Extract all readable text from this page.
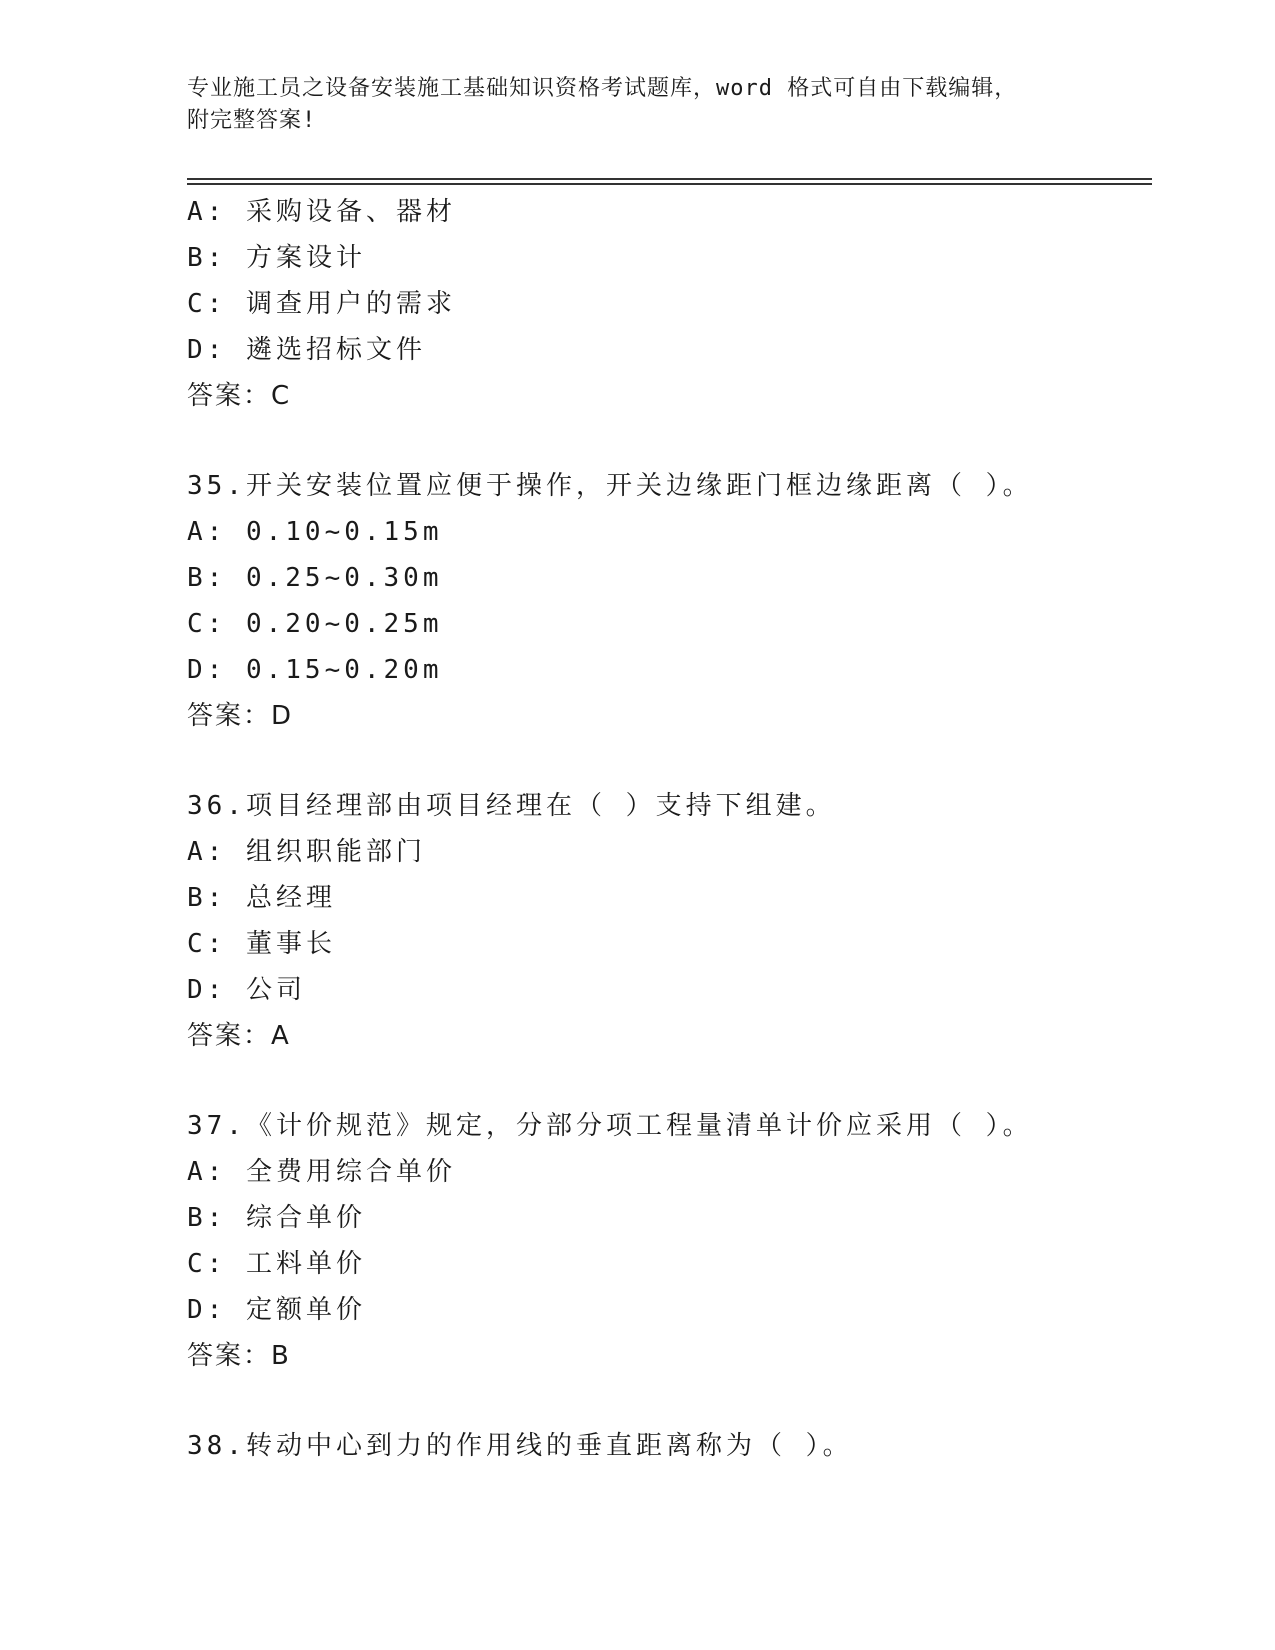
专业施工员之设备安装施工基础知识资格考试题库，word 格式可自由下载编辑，
附完整答案!
A: 采购设备、器材
B: 方案设计
C: 调查用户的需求
D: 遴选招标文件
答案：C
35.开关安装位置应便于操作，开关边缘距门框边缘距离（ ）。
A: 0.10~0.15m
B: 0.25~0.30m
C: 0.20~0.25m
D: 0.15~0.20m
答案：D
36.项目经理部由项目经理在（ ）支持下组建。
A: 组织职能部门
B: 总经理
C: 董事长
D: 公司
答案：A
37.《计价规范》规定，分部分项工程量清单计价应采用（ ）。
A: 全费用综合单价
B: 综合单价
C: 工料单价
D: 定额单价
答案：B
38.转动中心到力的作用线的垂直距离称为（ ）。
